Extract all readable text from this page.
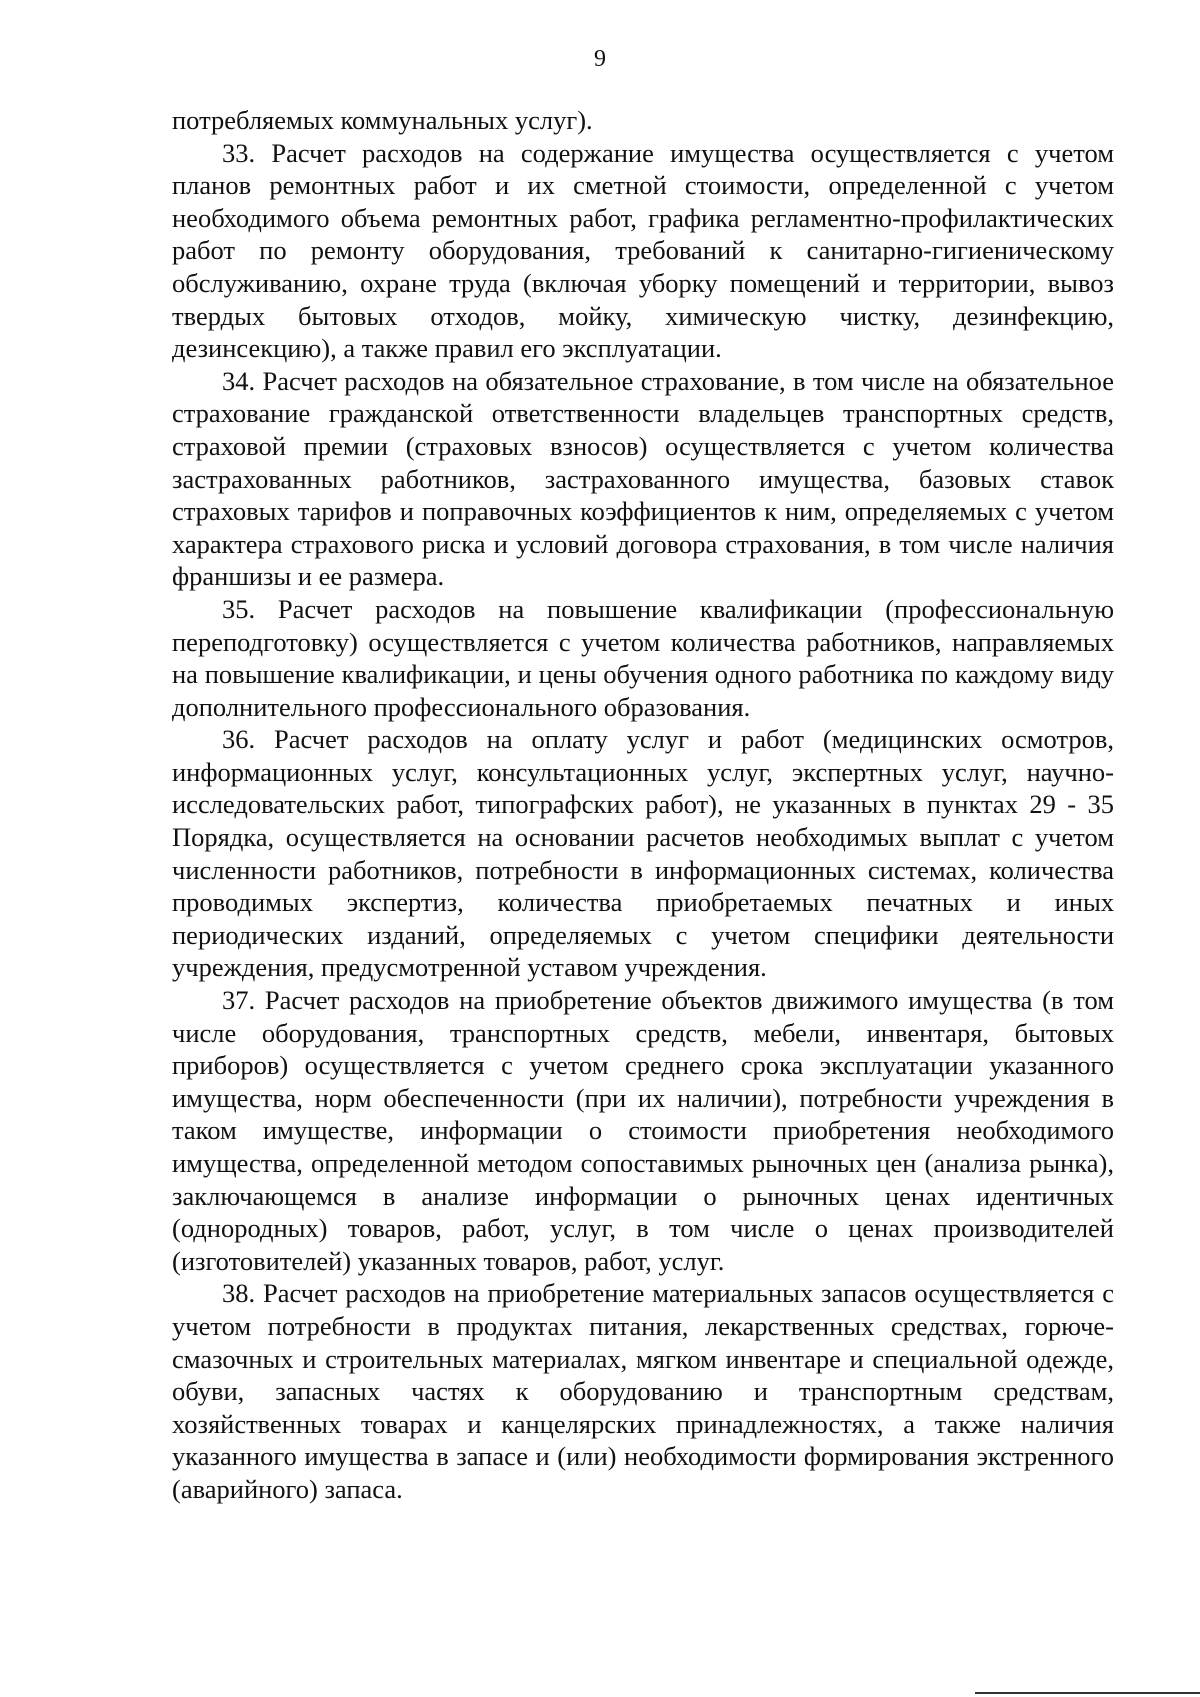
9

потребляемых коммунальных услуг).

33. Расчет расходов на содержание имущества осуществляется с учетом планов ремонтных работ и их сметной стоимости, определенной с учетом необходимого объема ремонтных работ, графика регламентно-профилактических работ по ремонту оборудования, требований к санитарно-гигиеническому обслуживанию, охране труда (включая уборку помещений и территории, вывоз твердых бытовых отходов, мойку, химическую чистку, дезинфекцию, дезинсекцию), а также правил его эксплуатации.

34. Расчет расходов на обязательное страхование, в том числе на обязательное страхование гражданской ответственности владельцев транспортных средств, страховой премии (страховых взносов) осуществляется с учетом количества застрахованных работников, застрахованного имущества, базовых ставок страховых тарифов и поправочных коэффициентов к ним, определяемых с учетом характера страхового риска и условий договора страхования, в том числе наличия франшизы и ее размера.

35. Расчет расходов на повышение квалификации (профессиональную переподготовку) осуществляется с учетом количества работников, направляемых на повышение квалификации, и цены обучения одного работника по каждому виду дополнительного профессионального образования.

36. Расчет расходов на оплату услуг и работ (медицинских осмотров, информационных услуг, консультационных услуг, экспертных услуг, научно-исследовательских работ, типографских работ), не указанных в пунктах 29 - 35 Порядка, осуществляется на основании расчетов необходимых выплат с учетом численности работников, потребности в информационных системах, количества проводимых экспертиз, количества приобретаемых печатных и иных периодических изданий, определяемых с учетом специфики деятельности учреждения, предусмотренной уставом учреждения.

37. Расчет расходов на приобретение объектов движимого имущества (в том числе оборудования, транспортных средств, мебели, инвентаря, бытовых приборов) осуществляется с учетом среднего срока эксплуатации указанного имущества, норм обеспеченности (при их наличии), потребности учреждения в таком имуществе, информации о стоимости приобретения необходимого имущества, определенной методом сопоставимых рыночных цен (анализа рынка), заключающемся в анализе информации о рыночных ценах идентичных (однородных) товаров, работ, услуг, в том числе о ценах производителей (изготовителей) указанных товаров, работ, услуг.

38. Расчет расходов на приобретение материальных запасов осуществляется с учетом потребности в продуктах питания, лекарственных средствах, горюче-смазочных и строительных материалах, мягком инвентаре и специальной одежде, обуви, запасных частях к оборудованию и транспортным средствам, хозяйственных товарах и канцелярских принадлежностях, а также наличия указанного имущества в запасе и (или) необходимости формирования экстренного (аварийного) запаса.
